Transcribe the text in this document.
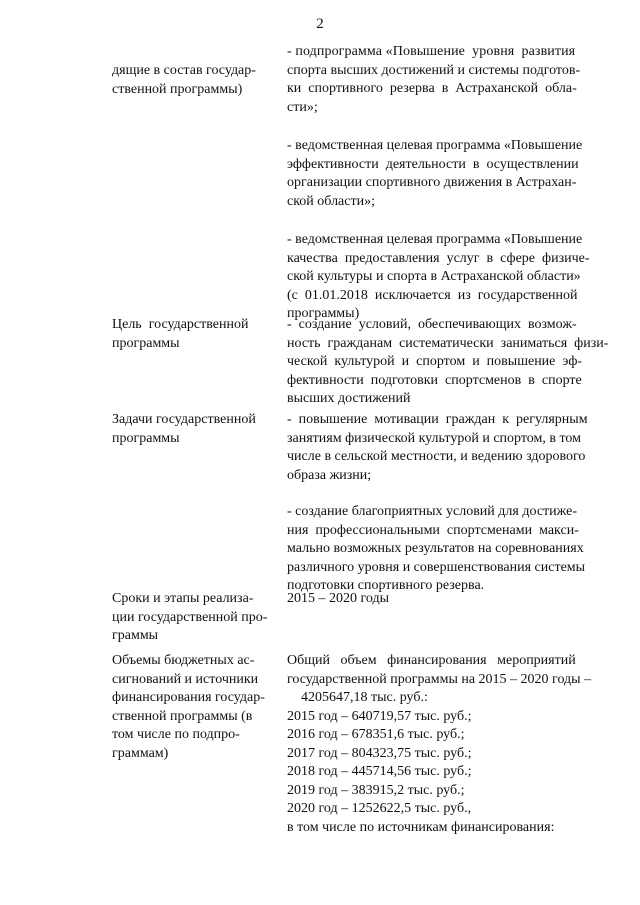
2
дящие в состав государ-
ственной программы)
- подпрограмма «Повышение  уровня  развития
спорта высших достижений и системы подготов-
ки  спортивного  резерва  в  Астраханской  обла-
сти»;
- ведомственная целевая программа «Повышение
эффективности  деятельности  в  осуществлении
организации спортивного движения в Астрахан-
ской области»;
- ведомственная целевая программа «Повышение
качества  предоставления  услуг  в  сфере  физиче-
ской культуры и спорта в Астраханской области»
(с  01.01.2018  исключается  из  государственной
программы)
Цель  государственной
программы
-  создание  условий,  обеспечивающих  возмож-
ность  гражданам  систематически  заниматься  физи-
ческой  культурой  и  спортом  и  повышение  эф-
фективности  подготовки  спортсменов  в  спорте
высших достижений
Задачи государственной
программы
-  повышение  мотивации  граждан  к  регулярным
занятиям физической культурой и спортом, в том
числе в сельской местности, и ведению здорового
образа жизни;
- создание благоприятных условий для достиже-
ния  профессиональными  спортсменами  макси-
мально возможных результатов на соревнованиях
различного уровня и совершенствования системы
подготовки спортивного резерва.
Сроки и этапы реализа-
ции государственной про-
граммы
2015 – 2020 годы
Объемы бюджетных ас-
сигнований и источники
финансирования государ-
ственной программы (в
том числе по подпро-
граммам)
Общий   объем   финансирования   мероприятий
государственной программы на 2015 – 2020 годы –
4205647,18 тыс. руб.:
2015 год – 640719,57 тыс. руб.;
2016 год – 678351,6 тыс. руб.;
2017 год – 804323,75 тыс. руб.;
2018 год – 445714,56 тыс. руб.;
2019 год – 383915,2 тыс. руб.;
2020 год – 1252622,5 тыс. руб.,
в том числе по источникам финансирования:
